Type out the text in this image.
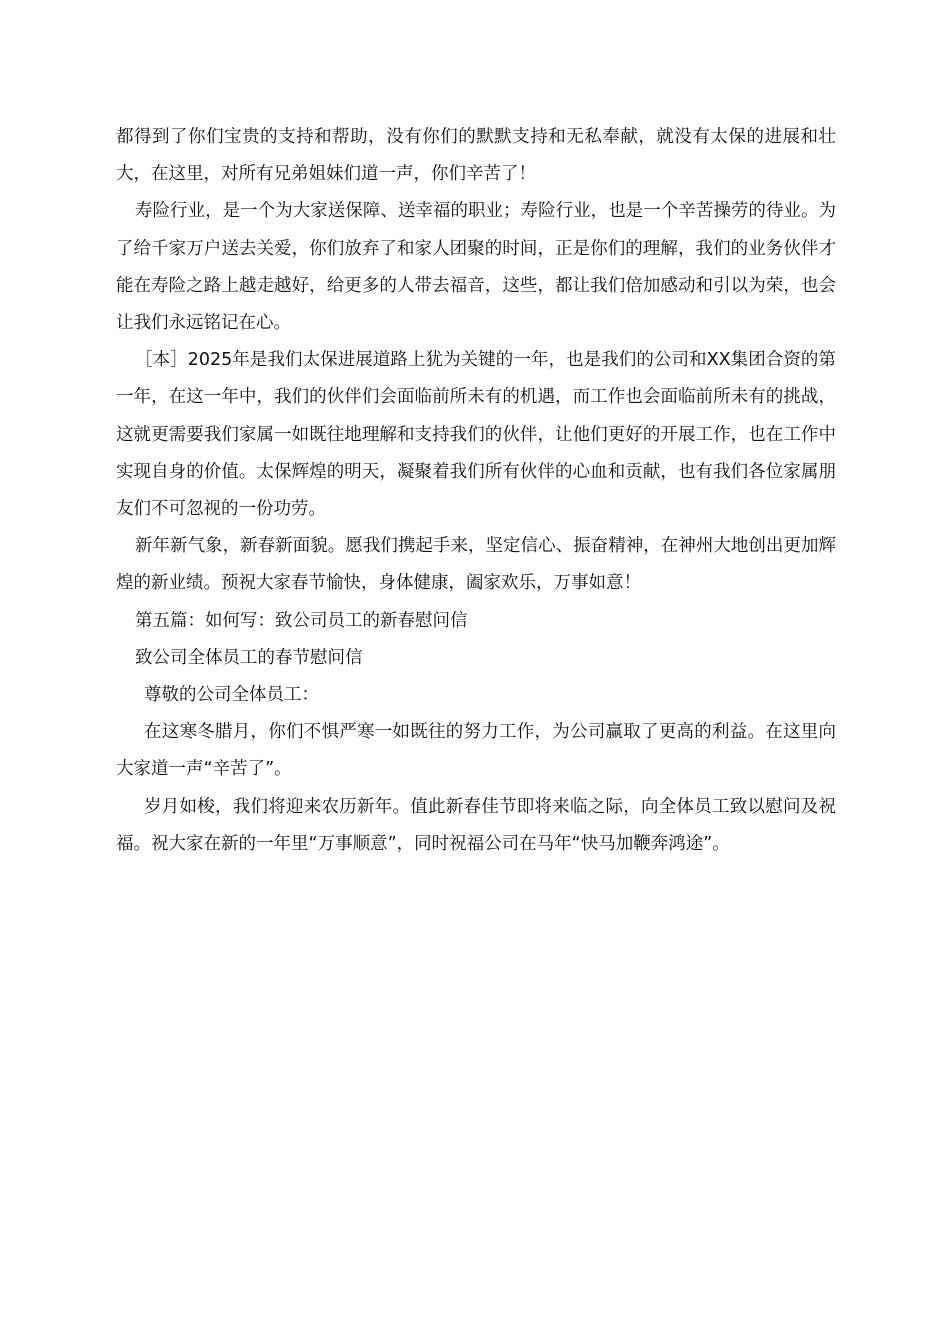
都得到了你们宝贵的支持和帮助，没有你们的默默支持和无私奉献，就没有太保的进展和壮大，在这里，对所有兄弟姐妹们道一声，你们辛苦了！

寿险行业，是一个为大家送保障、送幸福的职业；寿险行业，也是一个辛苦操劳的待业。为了给千家万户送去关爱，你们放弃了和家人团聚的时间，正是你们的理解，我们的业务伙伴才能在寿险之路上越走越好，给更多的人带去福音，这些，都让我们倍加感动和引以为荣，也会让我们永远铭记在心。

［本］2025年是我们太保进展道路上犹为关键的一年，也是我们的公司和XX集团合资的第一年，在这一年中，我们的伙伴们会面临前所未有的机遇，而工作也会面临前所未有的挑战，这就更需要我们家属一如既往地理解和支持我们的伙伴，让他们更好的开展工作，也在工作中实现自身的价值。太保辉煌的明天，凝聚着我们所有伙伴的心血和贡献，也有我们各位家属朋友们不可忽视的一份功劳。

新年新气象，新春新面貌。愿我们携起手来，坚定信心、振奋精神，在神州大地创出更加辉煌的新业绩。预祝大家春节愉快，身体健康，阖家欢乐，万事如意！

第五篇：如何写：致公司员工的新春慰问信

致公司全体员工的春节慰问信

尊敬的公司全体员工：

在这寒冬腊月，你们不惧严寒一如既往的努力工作，为公司赢取了更高的利益。在这里向大家道一声“辛苦了”。

岁月如梭，我们将迎来农历新年。值此新春佳节即将来临之际，向全体员工致以慰问及祝福。祝大家在新的一年里“万事顺意”，同时祝福公司在马年“快马加鞭奔鸿途”。
